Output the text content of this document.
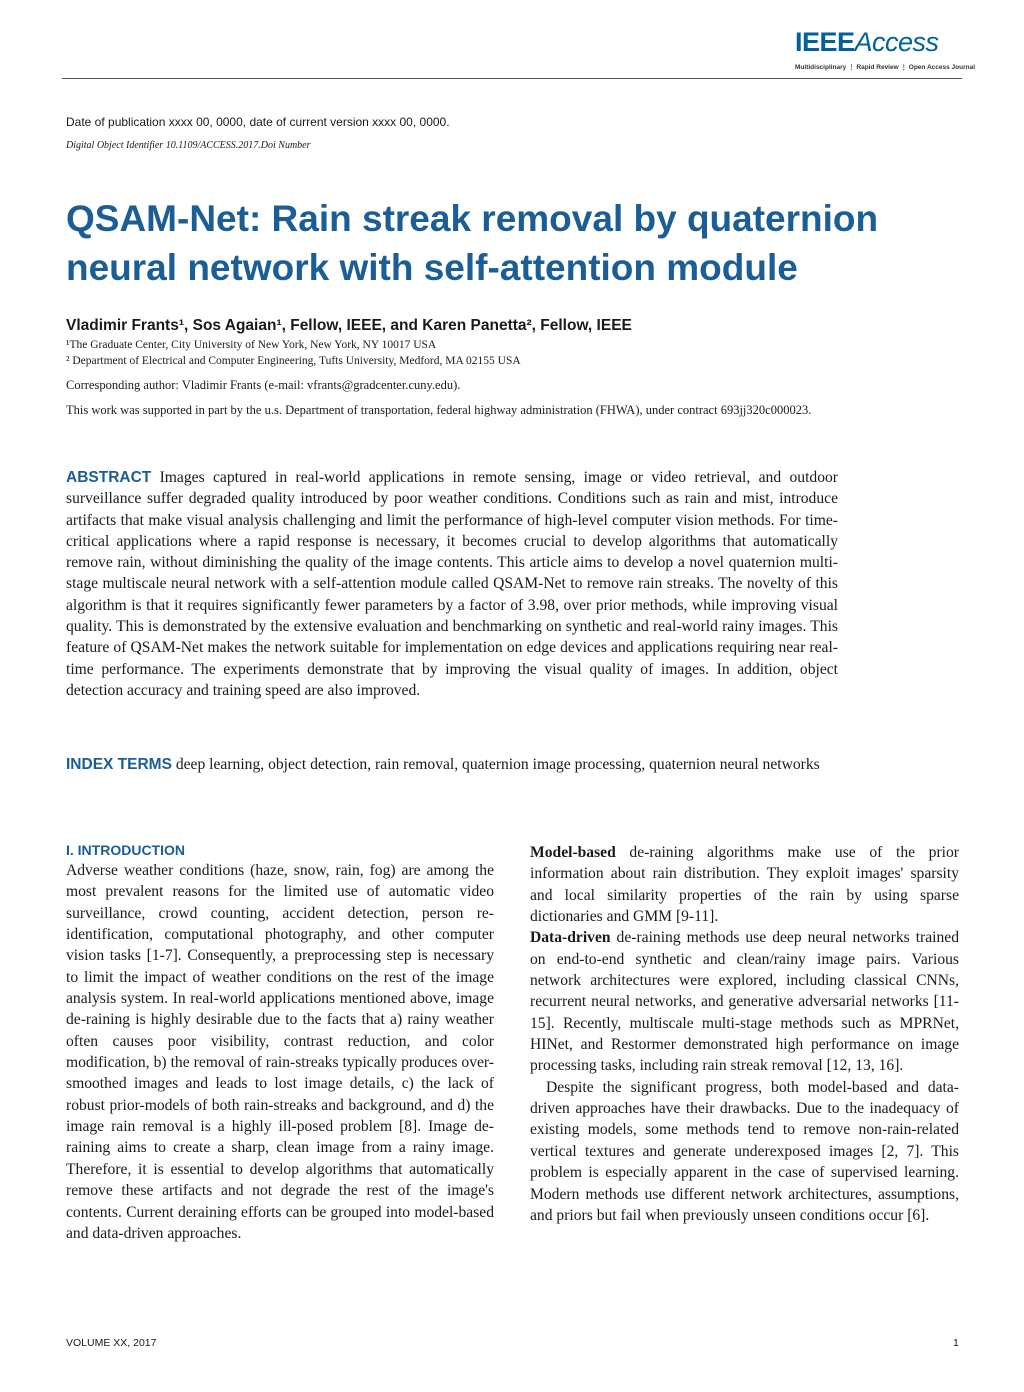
IEEEAccess
Multidisciplinary ⋮ Rapid Review ⋮ Open Access Journal
Date of publication xxxx 00, 0000, date of current version xxxx 00, 0000.
Digital Object Identifier 10.1109/ACCESS.2017.Doi Number
QSAM-Net: Rain streak removal by quaternion neural network with self-attention module
Vladimir Frants¹, Sos Agaian¹, Fellow, IEEE, and Karen Panetta², Fellow, IEEE
¹The Graduate Center, City University of New York, New York, NY 10017 USA
² Department of Electrical and Computer Engineering, Tufts University, Medford, MA 02155 USA
Corresponding author: Vladimir Frants (e-mail: vfrants@gradcenter.cuny.edu).
This work was supported in part by the u.s. Department of transportation, federal highway administration (FHWA), under contract 693jj320c000023.
ABSTRACT Images captured in real-world applications in remote sensing, image or video retrieval, and outdoor surveillance suffer degraded quality introduced by poor weather conditions. Conditions such as rain and mist, introduce artifacts that make visual analysis challenging and limit the performance of high-level computer vision methods. For time-critical applications where a rapid response is necessary, it becomes crucial to develop algorithms that automatically remove rain, without diminishing the quality of the image contents. This article aims to develop a novel quaternion multi-stage multiscale neural network with a self-attention module called QSAM-Net to remove rain streaks. The novelty of this algorithm is that it requires significantly fewer parameters by a factor of 3.98, over prior methods, while improving visual quality. This is demonstrated by the extensive evaluation and benchmarking on synthetic and real-world rainy images. This feature of QSAM-Net makes the network suitable for implementation on edge devices and applications requiring near real-time performance. The experiments demonstrate that by improving the visual quality of images. In addition, object detection accuracy and training speed are also improved.
INDEX TERMS deep learning, object detection, rain removal, quaternion image processing, quaternion neural networks
I. INTRODUCTION

Adverse weather conditions (haze, snow, rain, fog) are among the most prevalent reasons for the limited use of automatic video surveillance, crowd counting, accident detection, person re-identification, computational photography, and other computer vision tasks [1-7]. Consequently, a preprocessing step is necessary to limit the impact of weather conditions on the rest of the image analysis system. In real-world applications mentioned above, image de-raining is highly desirable due to the facts that a) rainy weather often causes poor visibility, contrast reduction, and color modification, b) the removal of rain-streaks typically produces over-smoothed images and leads to lost image details, c) the lack of robust prior-models of both rain-streaks and background, and d) the image rain removal is a highly ill-posed problem [8]. Image de-raining aims to create a sharp, clean image from a rainy image. Therefore, it is essential to develop algorithms that automatically remove these artifacts and not degrade the rest of the image's contents. Current deraining efforts can be grouped into model-based and data-driven approaches.

Model-based de-raining algorithms make use of the prior information about rain distribution. They exploit images' sparsity and local similarity properties of the rain by using sparse dictionaries and GMM [9-11].

Data-driven de-raining methods use deep neural networks trained on end-to-end synthetic and clean/rainy image pairs. Various network architectures were explored, including classical CNNs, recurrent neural networks, and generative adversarial networks [11-15]. Recently, multiscale multi-stage methods such as MPRNet, HINet, and Restormer demonstrated high performance on image processing tasks, including rain streak removal [12, 13, 16].

Despite the significant progress, both model-based and data-driven approaches have their drawbacks. Due to the inadequacy of existing models, some methods tend to remove non-rain-related vertical textures and generate underexposed images [2, 7]. This problem is especially apparent in the case of supervised learning. Modern methods use different network architectures, assumptions, and priors but fail when previously unseen conditions occur [6].

VOLUME XX, 2017	1
